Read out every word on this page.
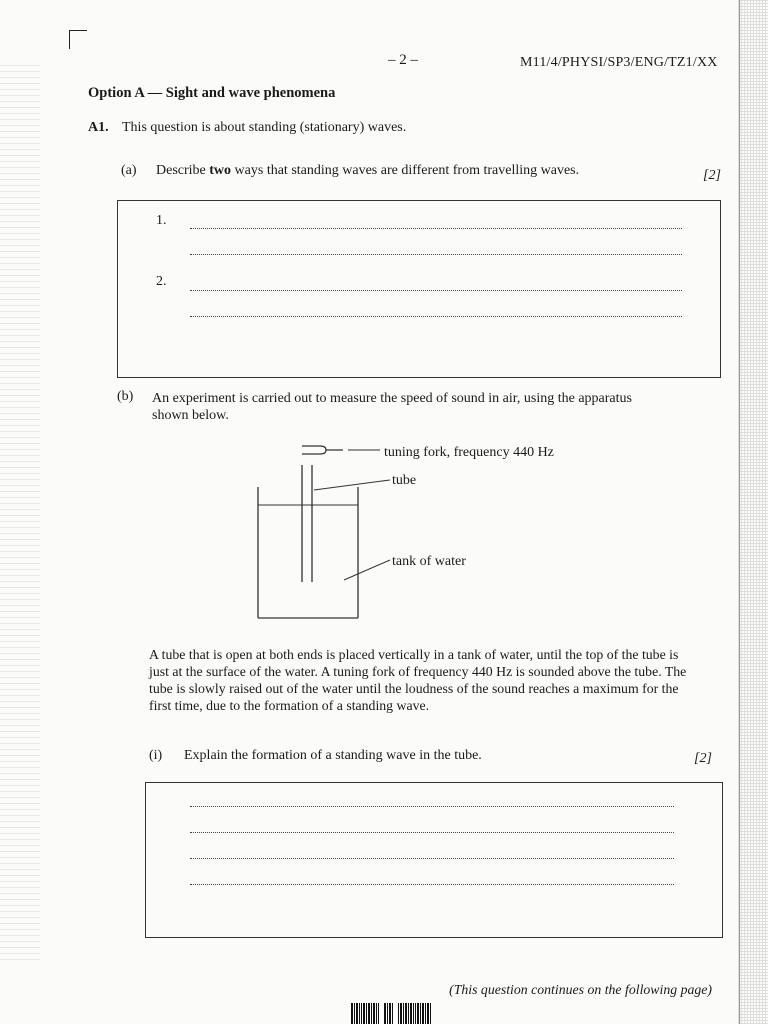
– 2 –	M11/4/PHYSI/SP3/ENG/TZ1/XX
Option A — Sight and wave phenomena
A1. This question is about standing (stationary) waves.
(a) Describe two ways that standing waves are different from travelling waves.	[2]
1.
2.
(b) An experiment is carried out to measure the speed of sound in air, using the apparatus
shown below.
tuning fork, frequency 440 Hz
tube
tank of water
A tube that is open at both ends is placed vertically in a tank of water, until the top of the tube is just at the surface of the water. A tuning fork of frequency 440 Hz is sounded above the tube. The tube is slowly raised out of the water until the loudness of the sound reaches a maximum for the first time, due to the formation of a standing wave.
(i) Explain the formation of a standing wave in the tube.	[2]
(This question continues on the following page)
